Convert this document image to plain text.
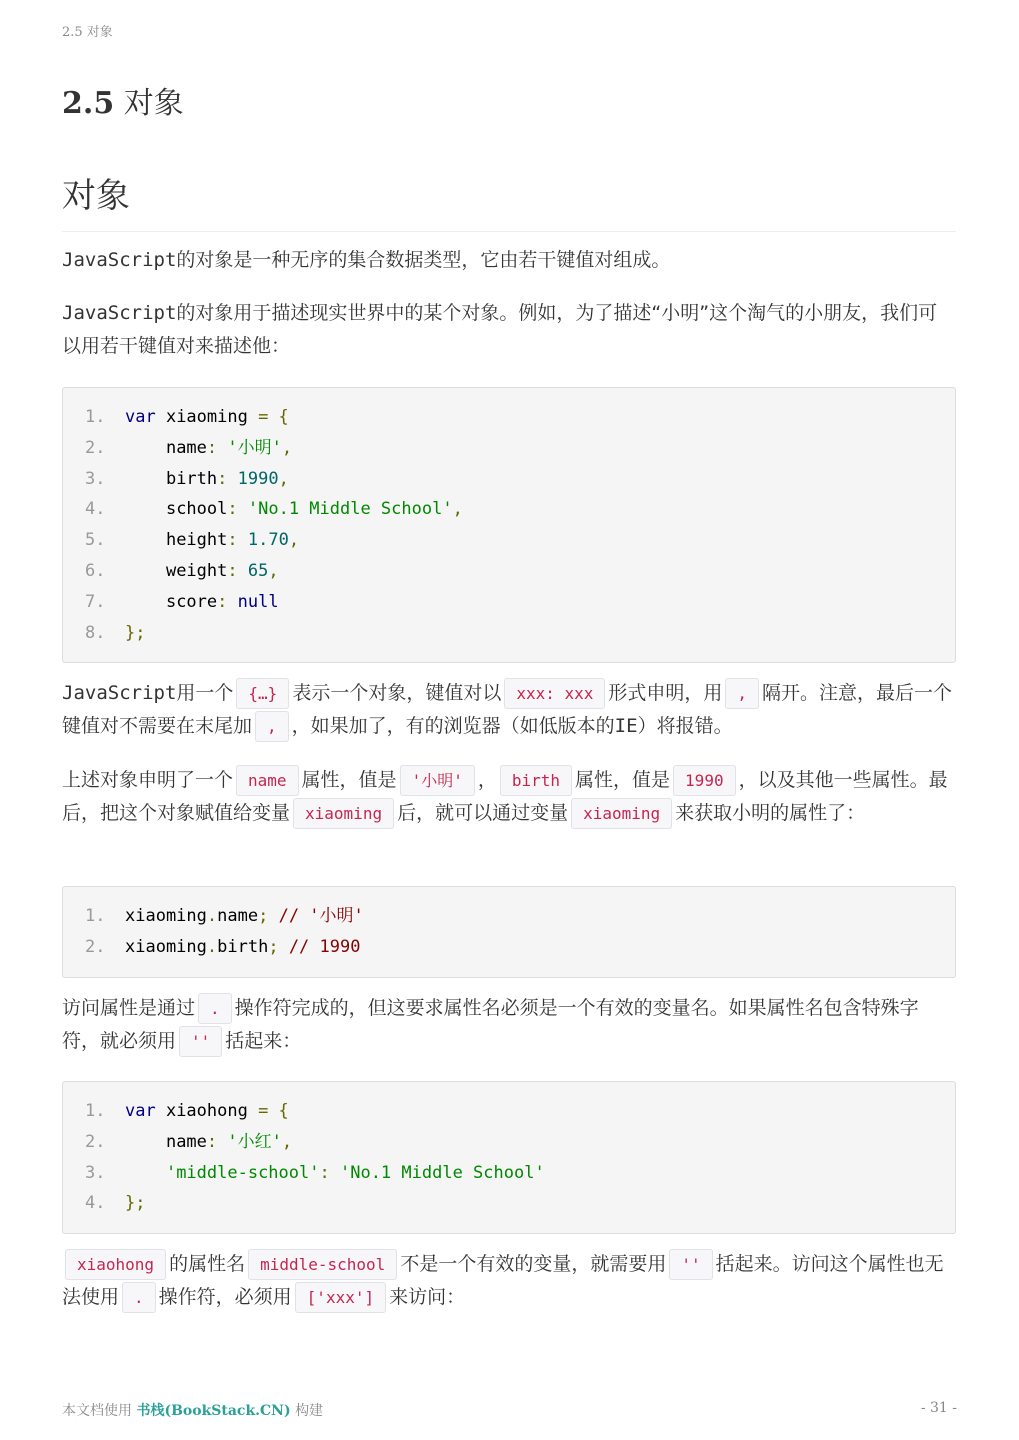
2.5 对象
2.5 对象
对象

JavaScript的对象是一种无序的集合数据类型，它由若干键值对组成。

JavaScript的对象用于描述现实世界中的某个对象。例如，为了描述“小明”这个淘气的小朋友，我们可以用若干键值对来描述他：

1. var xiaoming = {
2.	name: '小明',
3.	birth: 1990,
4.	school: 'No.1 Middle School',
5.	height: 1.70,
6.	weight: 65,
7.	score: null
8. };

JavaScript用一个 {…} 表示一个对象，键值对以 xxx: xxx 形式申明，用 , 隔开。注意，最后一个键值对不需要在末尾加 , ，如果加了，有的浏览器（如低版本的IE）将报错。

上述对象申明了一个 name 属性，值是 '小明' ， birth 属性，值是 1990 ，以及其他一些属性。最后，把这个对象赋值给变量 xiaoming 后，就可以通过变量 xiaoming 来获取小明的属性了：

1. xiaoming.name; // '小明'
2. xiaoming.birth; // 1990

访问属性是通过 . 操作符完成的，但这要求属性名必须是一个有效的变量名。如果属性名包含特殊字符，就必须用 '' 括起来：

1. var xiaohong = {
2.	name: '小红',
3.	'middle-school': 'No.1 Middle School'
4. };

xiaohong 的属性名 middle-school 不是一个有效的变量，就需要用 '' 括起来。访问这个属性也无法使用 . 操作符，必须用 ['xxx'] 来访问：

本文档使用 书栈(BookStack.CN) 构建	- 31 -
